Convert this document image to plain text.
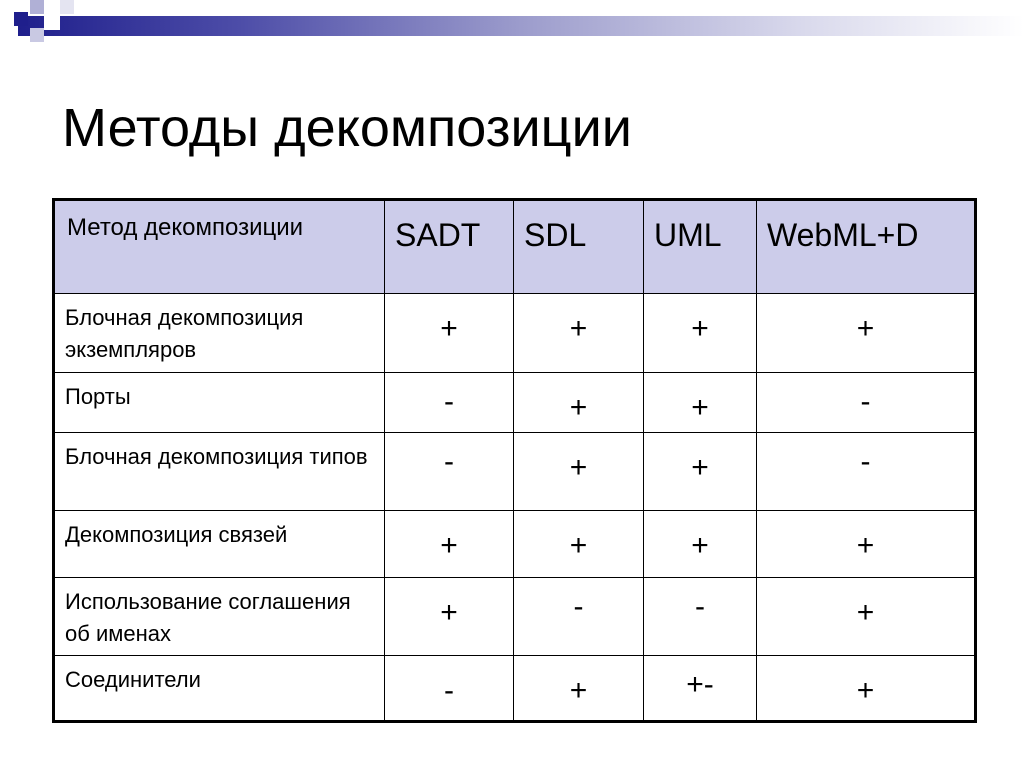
Методы декомпозиции
Метод декомпозиции	SADT	SDL	UML	WebML+D
Блочная декомпозиция экземпляров	+	+	+	+
Порты	-	+	+	-
Блочная декомпозиция типов	-	+	+	-
Декомпозиция связей	+	+	+	+
Использование соглашения об именах	+	-	-	+
Соединители	-	+	+-	+
